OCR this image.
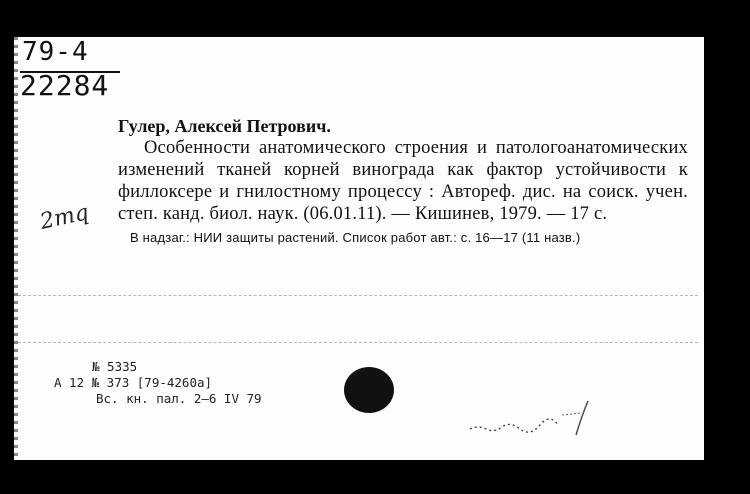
79-4
22284
2тq

Гулер, Алексей Петрович.

Особенности анатомического строения и патологоанатомических изменений тканей корней винограда как фактор устойчивости к филлоксере и гнилостному процессу : Автореф. дис. на соиск. учен. степ. канд. биол. наук. (06.01.11). — Кишинев, 1979. — 17 с.

В надзаг.: НИИ защиты растений. Список работ авт.: с. 16—17 (11 назв.)

№ 5335
A 12 № 373 [79-4260a]
Вс. кн. пал. 2—6 IV 79
